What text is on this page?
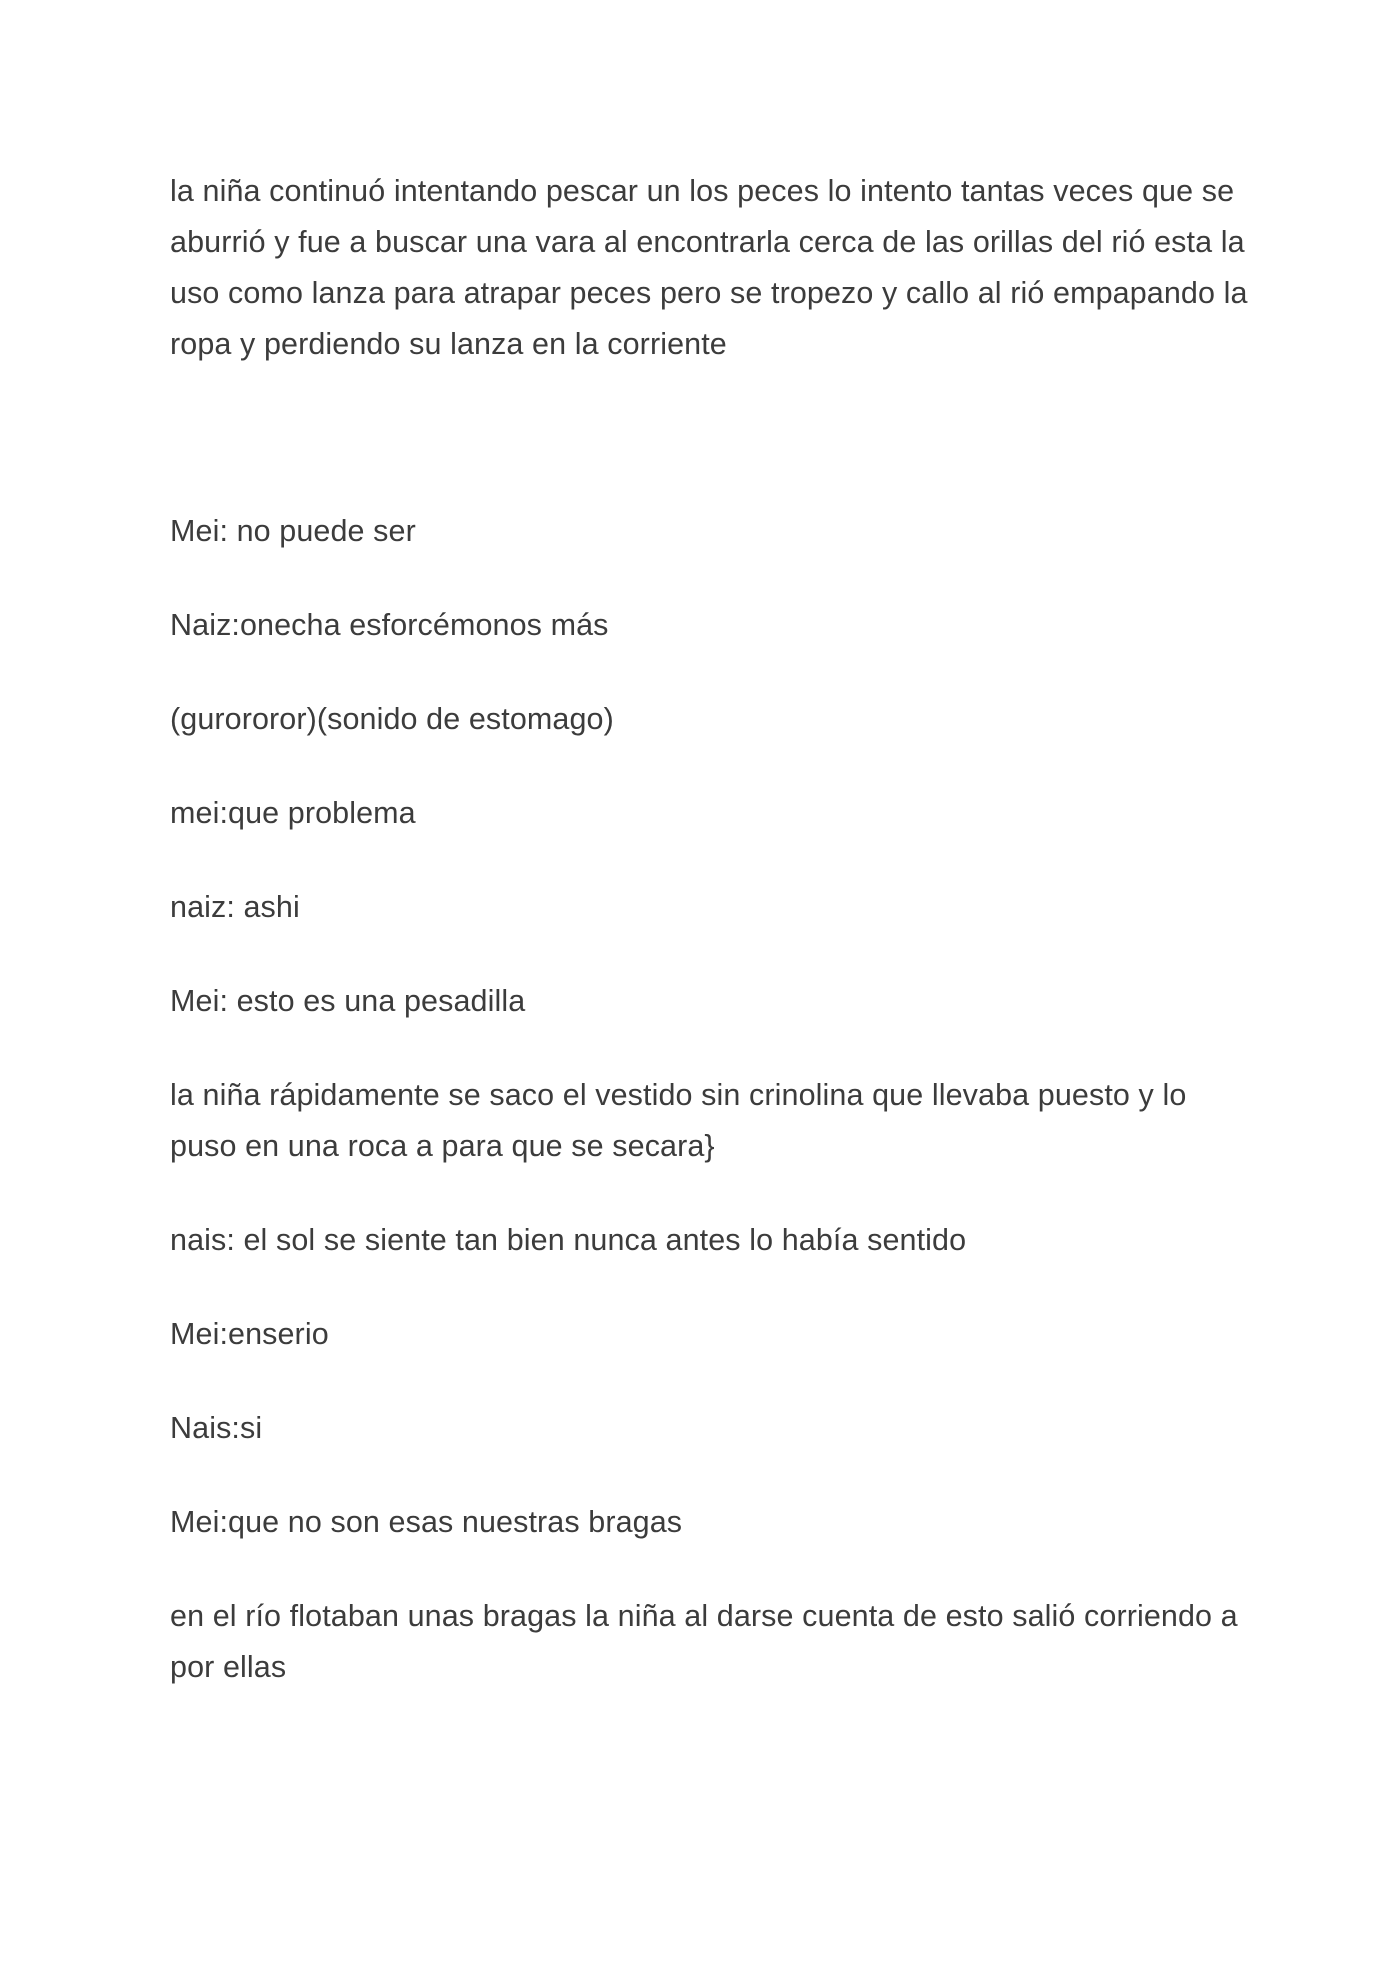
la niña continuó intentando pescar un los peces lo intento tantas veces que se aburrió y fue a buscar una vara al encontrarla cerca de las orillas del rió esta la uso como lanza para atrapar peces pero se tropezo y callo al rió empapando la ropa y perdiendo su lanza en la corriente

Mei: no puede ser

Naiz:onecha esforcémonos más

(gurororor)(sonido de estomago)

mei:que problema

naiz: ashi

Mei: esto es una pesadilla

la niña rápidamente se saco el vestido sin crinolina que llevaba puesto y lo puso en una roca a para que se secara}

nais: el sol se siente tan bien nunca antes lo había sentido

Mei:enserio

Nais:si

Mei:que no son esas nuestras bragas

en el río flotaban unas bragas la niña al darse cuenta de esto salió corriendo a por ellas
